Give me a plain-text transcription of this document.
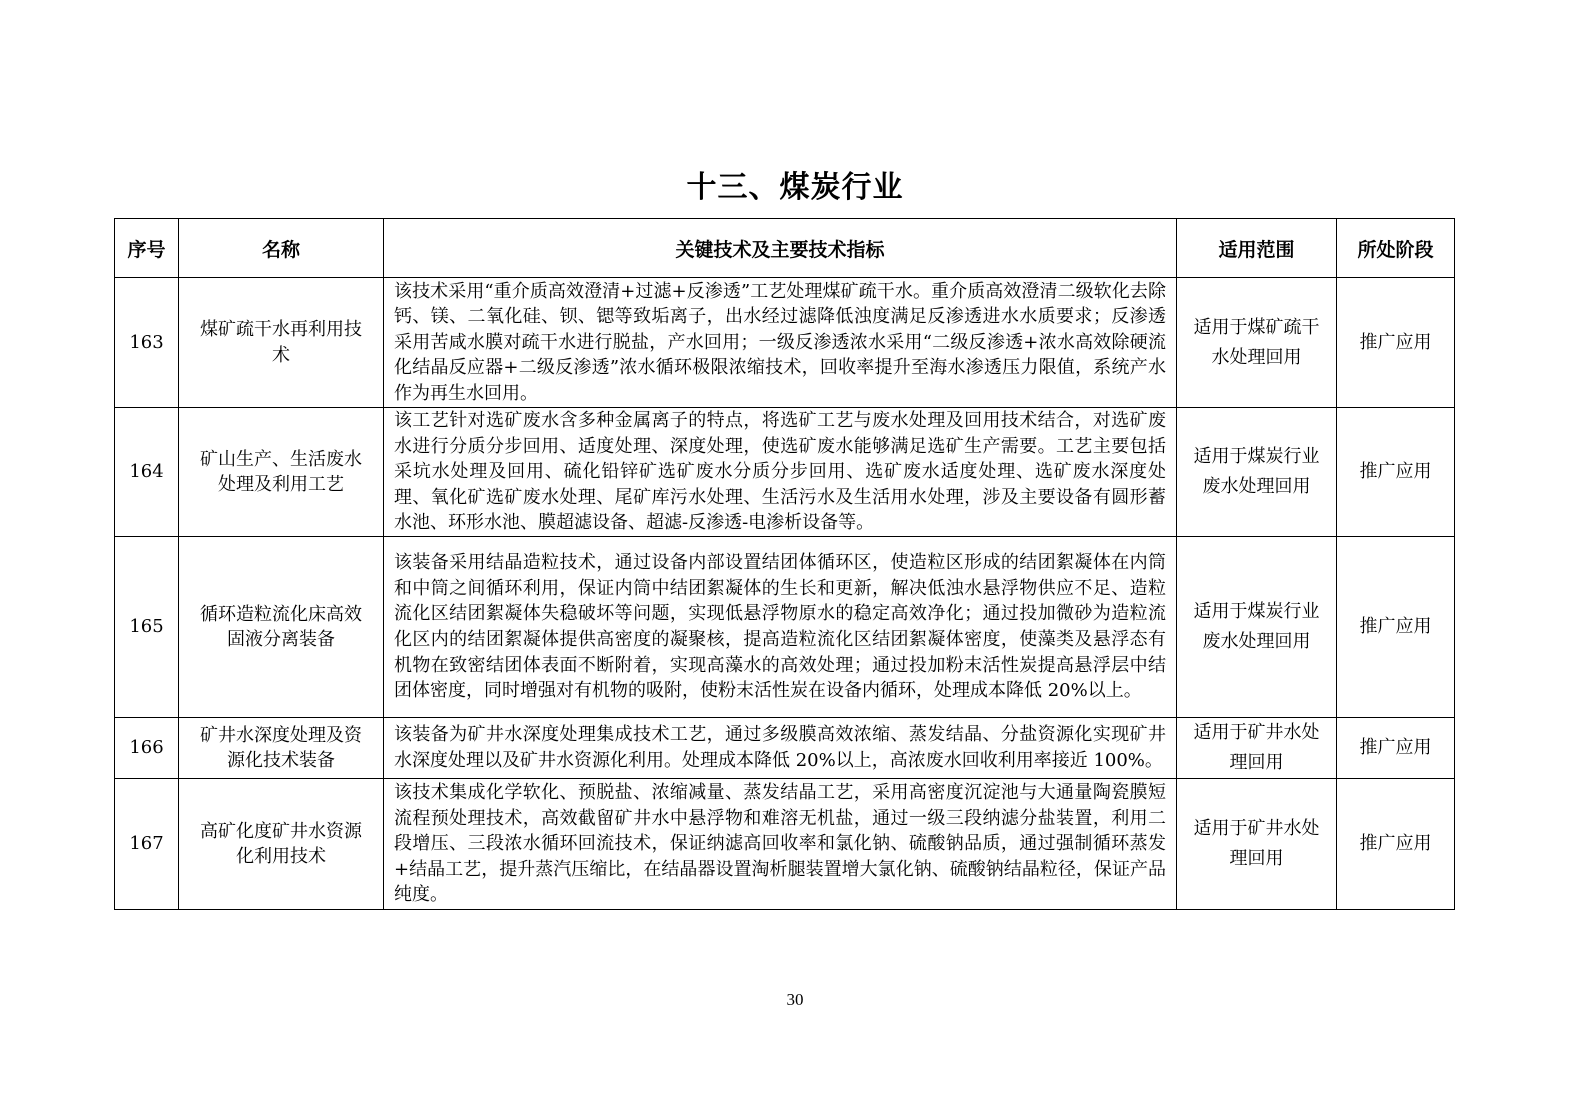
十三、煤炭行业
序号	名称	关键技术及主要技术指标	适用范围	所处阶段
163	煤矿疏干水再利用技术	该技术采用“重介质高效澄清+过滤+反渗透”工艺处理煤矿疏干水。重介质高效澄清二级软化去除钙、镁、二氧化硅、钡、锶等致垢离子，出水经过滤降低浊度满足反渗透进水水质要求；反渗透采用苦咸水膜对疏干水进行脱盐，产水回用；一级反渗透浓水采用“二级反渗透+浓水高效除硬流化结晶反应器+二级反渗透”浓水循环极限浓缩技术，回收率提升至海水渗透压力限值，系统产水作为再生水回用。	适用于煤矿疏干水处理回用	推广应用
164	矿山生产、生活废水处理及利用工艺	该工艺针对选矿废水含多种金属离子的特点，将选矿工艺与废水处理及回用技术结合，对选矿废水进行分质分步回用、适度处理、深度处理，使选矿废水能够满足选矿生产需要。工艺主要包括采坑水处理及回用、硫化铅锌矿选矿废水分质分步回用、选矿废水适度处理、选矿废水深度处理、氧化矿选矿废水处理、尾矿库污水处理、生活污水及生活用水处理，涉及主要设备有圆形蓄水池、环形水池、膜超滤设备、超滤-反渗透-电渗析设备等。	适用于煤炭行业废水处理回用	推广应用
165	循环造粒流化床高效固液分离装备	该装备采用结晶造粒技术，通过设备内部设置结团体循环区，使造粒区形成的结团絮凝体在内筒和中筒之间循环利用，保证内筒中结团絮凝体的生长和更新，解决低浊水悬浮物供应不足、造粒流化区结团絮凝体失稳破坏等问题，实现低悬浮物原水的稳定高效净化；通过投加微砂为造粒流化区内的结团絮凝体提供高密度的凝聚核，提高造粒流化区结团絮凝体密度，使藻类及悬浮态有机物在致密结团体表面不断附着，实现高藻水的高效处理；通过投加粉末活性炭提高悬浮层中结团体密度，同时增强对有机物的吸附，使粉末活性炭在设备内循环，处理成本降低 20%以上。	适用于煤炭行业废水处理回用	推广应用
166	矿井水深度处理及资源化技术装备	该装备为矿井水深度处理集成技术工艺，通过多级膜高效浓缩、蒸发结晶、分盐资源化实现矿井水深度处理以及矿井水资源化利用。处理成本降低 20%以上，高浓废水回收利用率接近 100%。	适用于矿井水处理回用	推广应用
167	高矿化度矿井水资源化利用技术	该技术集成化学软化、预脱盐、浓缩减量、蒸发结晶工艺，采用高密度沉淀池与大通量陶瓷膜短流程预处理技术，高效截留矿井水中悬浮物和难溶无机盐，通过一级三段纳滤分盐装置，利用二段增压、三段浓水循环回流技术，保证纳滤高回收率和氯化钠、硫酸钠品质，通过强制循环蒸发+结晶工艺，提升蒸汽压缩比，在结晶器设置淘析腿装置增大氯化钠、硫酸钠结晶粒径，保证产品纯度。	适用于矿井水处理回用	推广应用
30
